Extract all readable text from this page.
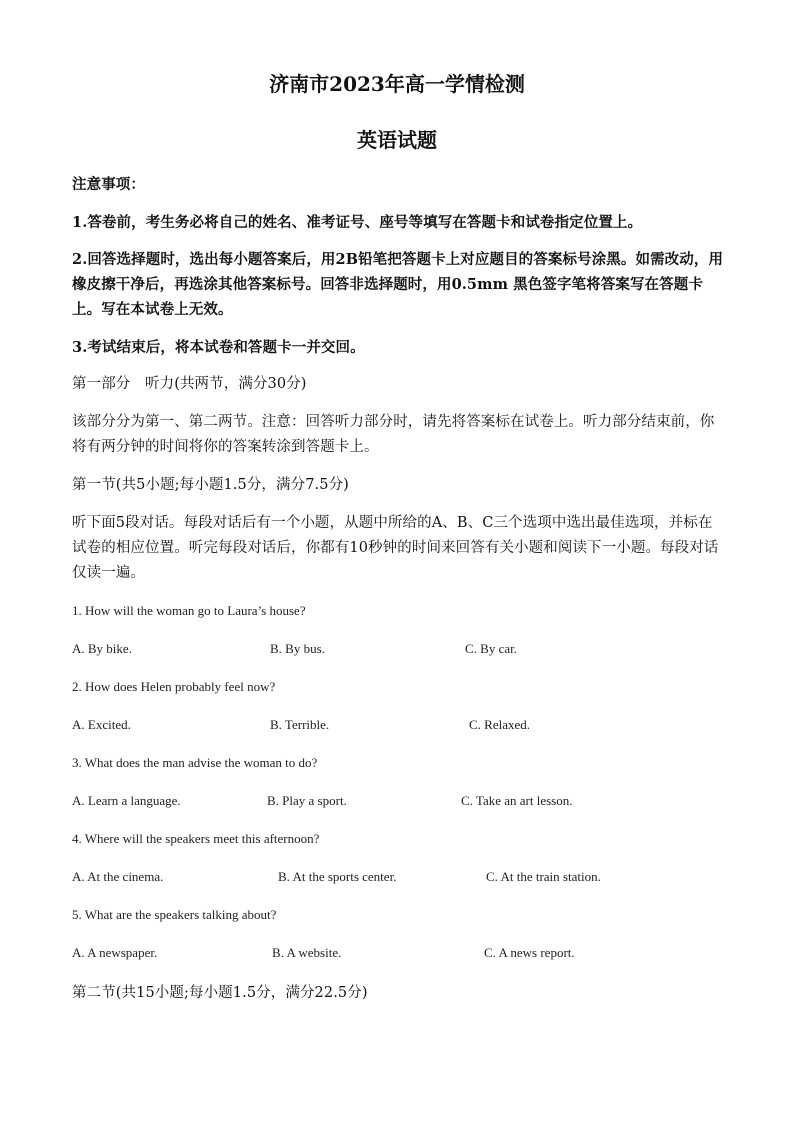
济南市2023年高一学情检测
英语试题
注意事项：
1.答卷前，考生务必将自己的姓名、准考证号、座号等填写在答题卡和试卷指定位置上。
2.回答选择题时，选出每小题答案后，用2B铅笔把答题卡上对应题目的答案标号涂黑。如需改动，用橡皮擦干净后，再选涂其他答案标号。回答非选择题时，用0.5mm 黑色签字笔将答案写在答题卡上。写在本试卷上无效。
3.考试结束后，将本试卷和答题卡一并交回。
第一部分　听力(共两节，满分30分)
该部分分为第一、第二两节。注意：回答听力部分时，请先将答案标在试卷上。听力部分结束前，你将有两分钟的时间将你的答案转涂到答题卡上。
第一节(共5小题;每小题1.5分，满分7.5分)
听下面5段对话。每段对话后有一个小题，从题中所给的A、B、C三个选项中选出最佳选项，并标在试卷的相应位置。听完每段对话后，你都有10秒钟的时间来回答有关小题和阅读下一小题。每段对话仅读一遍。
1. How will the woman go to Laura’s house?
A. By bike.	B. By bus.	C. By car.
2. How does Helen probably feel now?
A. Excited.	B. Terrible.	C. Relaxed.
3. What does the man advise the woman to do?
A. Learn a language.	B. Play a sport.	C. Take an art lesson.
4. Where will the speakers meet this afternoon?
A. At the cinema.	B. At the sports center.	C. At the train station.
5. What are the speakers talking about?
A. A newspaper.	B. A website.	C. A news report.
第二节(共15小题;每小题1.5分，满分22.5分)
